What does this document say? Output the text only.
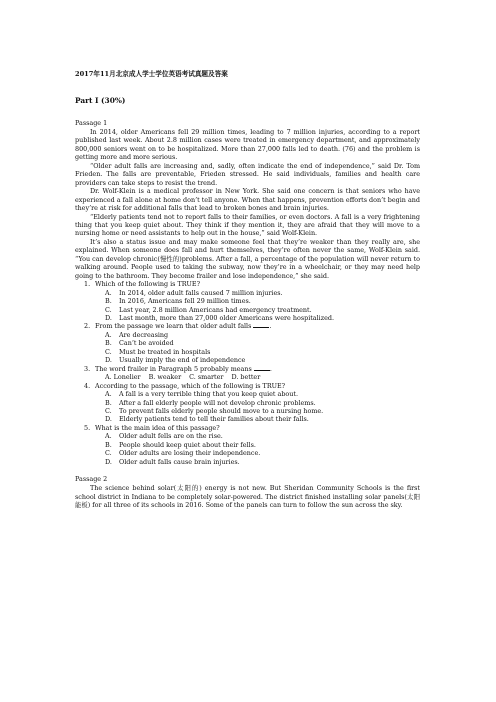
2017年11月北京成人学士学位英语考试真题及答案

Part I (30%)
Passage 1

In 2014, older Americans fell 29 million times, leading to 7 million injuries, according to a report published last week. About 2.8 million cases were treated in emergency department, and approximately 800,000 seniors went on to be hospitalized. More than 27,000 falls led to death. (76) and the problem is getting more and more serious.

“Older adult falls are increasing and, sadly, often indicate the end of independence,” said Dr. Tom Frieden. The falls are preventable, Frieden stressed. He said individuals, families and health care providers can take steps to resist the trend.

Dr. Wolf-Klein is a medical professor in New York. She said one concern is that seniors who have experienced a fall alone at home don’t tell anyone. When that happens, prevention efforts don’t begin and they’re at risk for additional falls that lead to broken bones and brain injuries.

“Elderly patients tend not to report falls to their families, or even doctors. A fall is a very frightening thing that you keep quiet about. They think if they mention it, they are afraid that they will move to a nursing home or need assistants to help out in the house,” said Wolf-Klein.

It’s also a status issue and may make someone feel that they’re weaker than they really are, she explained. When someone does fall and hurt themselves, they’re often never the same, Wolf-Klein said. “You can develop chronic(慢性的)problems. After a fall, a percentage of the population will never return to walking around. People used to taking the subway, now they’re in a wheelchair, or they may need help going to the bathroom. They become frailer and lose independence,” she said.

1. Which of the following is TRUE?

A. In 2014, older adult falls caused 7 million injuries.

B. In 2016, Americans fell 29 million times.

C. Last year, 2.8 million Americans had emergency treatment.

D. Last month, more than 27,000 older Americans were hospitalized.

2. From the passage we learn that older adult falls	.

A. Are decreasing

B. Can’t be avoided

C. Must be treated in hospitals

D. Usually imply the end of independence

3. The word frailer in Paragraph 5 probably means	.

A. Lonelier B. weaker C. smarter D. better

4. According to the passage, which of the following is TRUE?

A. A fall is a very terrible thing that you keep quiet about.

B. After a fall elderly people will not develop chronic problems.

C. To prevent falls elderly people should move to a nursing home.

D. Elderly patients tend to tell their families about their falls.

5. What is the main idea of this passage?

A. Older adult fells are on the rise.

B. People should keep quiet about their fells.

C. Older adults are losing their independence.

D. Older adult falls cause brain injuries.

Passage 2

The science behind solar(太阳的) energy is not new. But Sheridan Community Schools is the first school district in Indiana to be completely solar-powered. The district finished installing solar panels(太阳能板) for all three of its schools in 2016. Some of the panels can turn to follow the sun across the sky.
